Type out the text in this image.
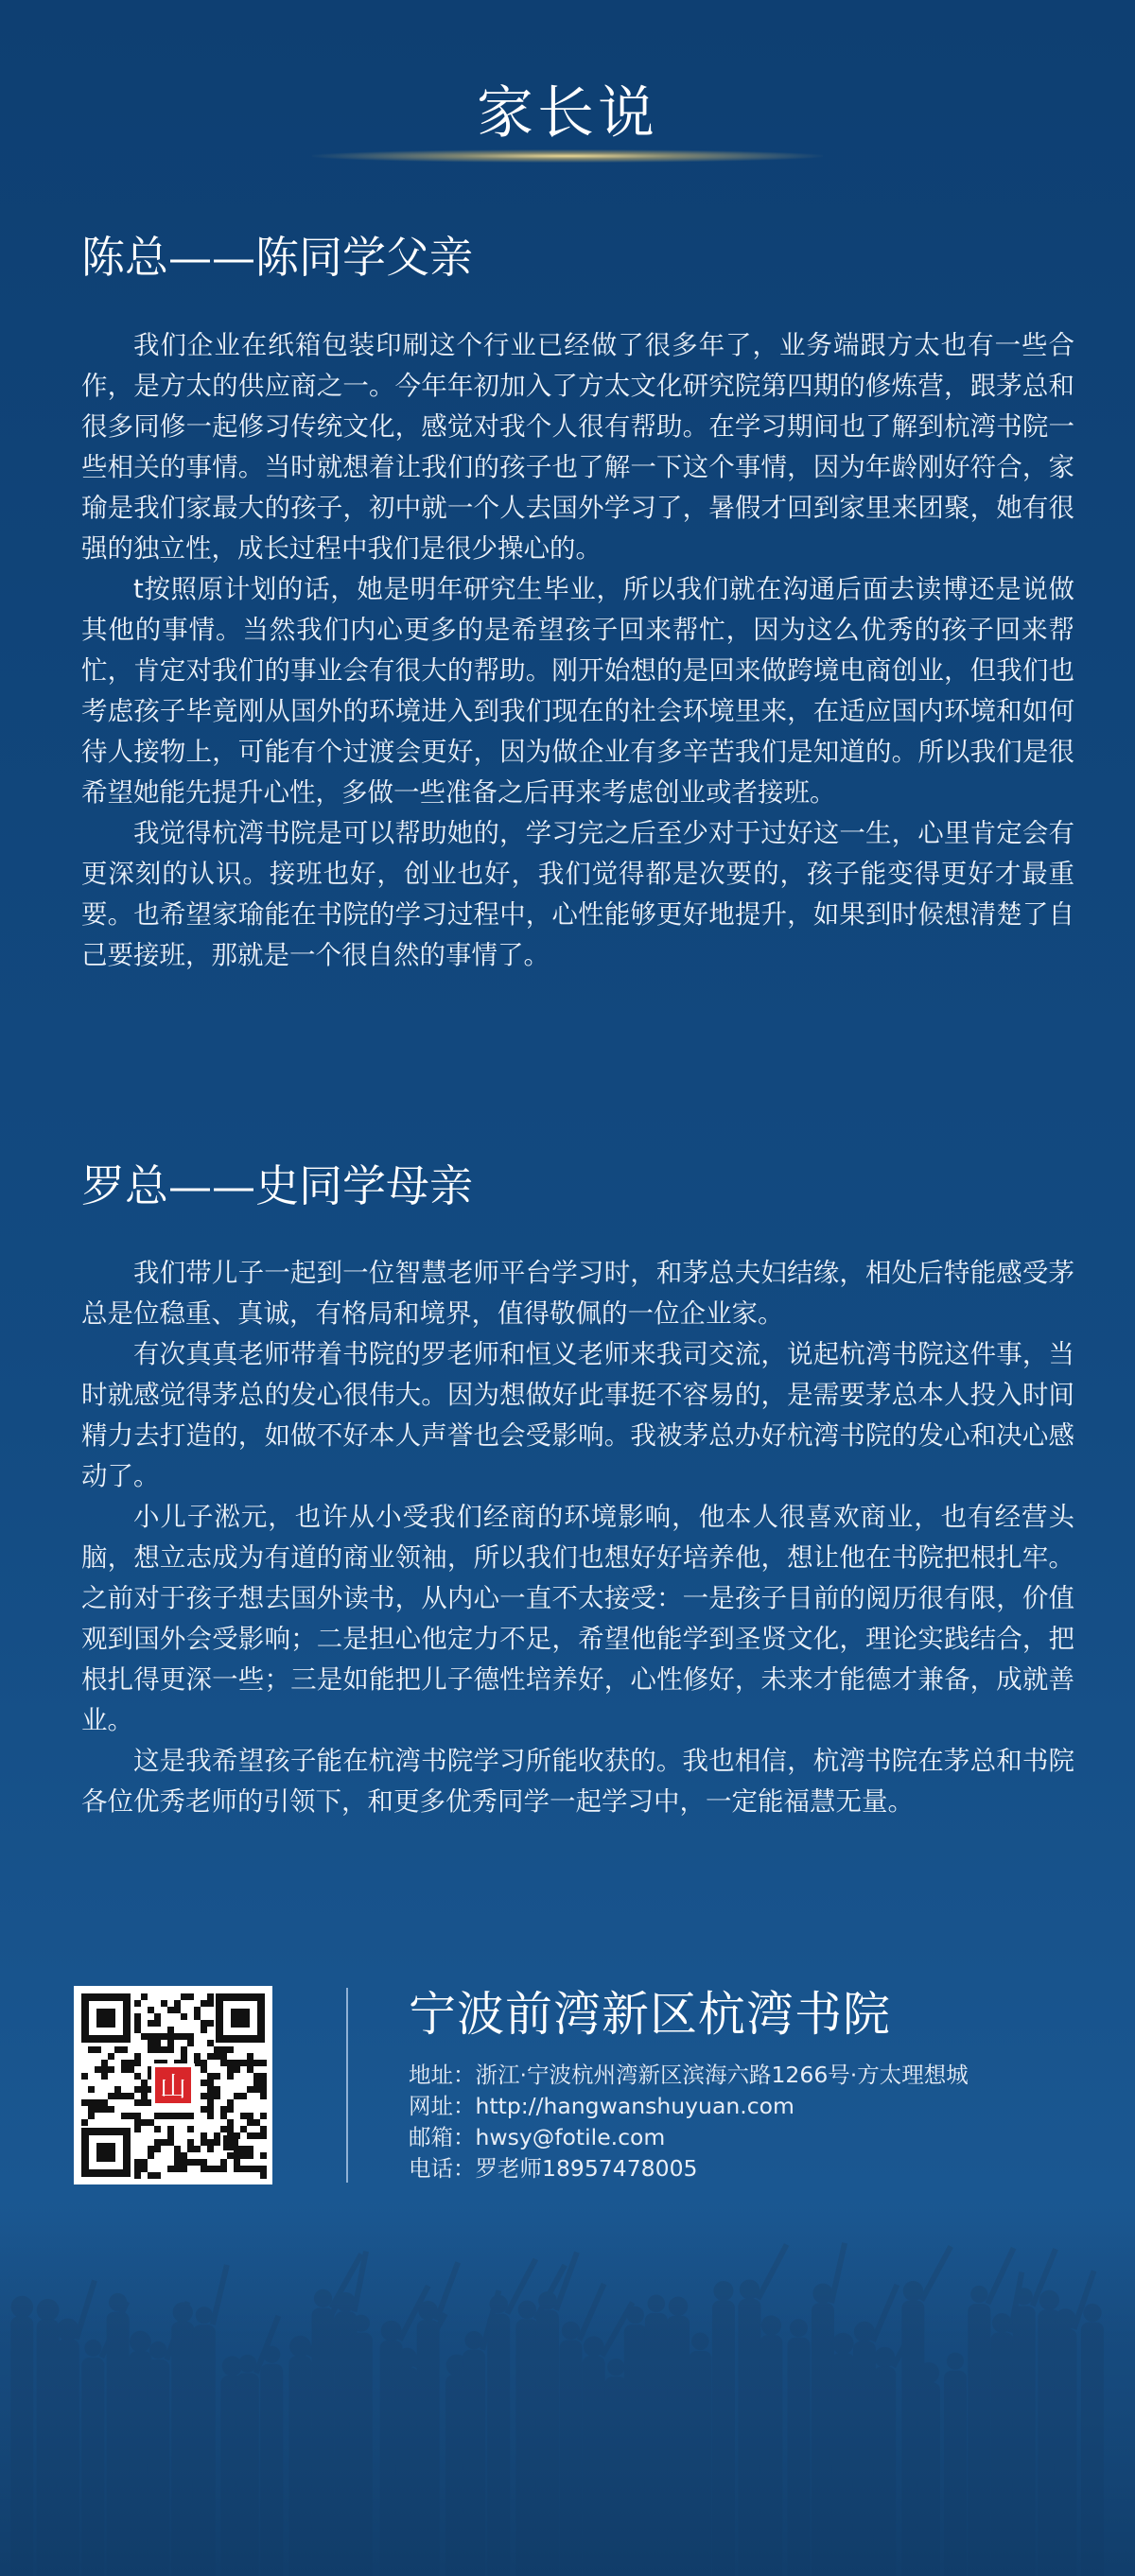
家长说
陈总——陈同学父亲

我们企业在纸箱包装印刷这个行业已经做了很多年了，业务端跟方太也有一些合作，是方太的供应商之一。今年年初加入了方太文化研究院第四期的修炼营，跟茅总和很多同修一起修习传统文化，感觉对我个人很有帮助。在学习期间也了解到杭湾书院一些相关的事情。当时就想着让我们的孩子也了解一下这个事情，因为年龄刚好符合，家瑜是我们家最大的孩子，初中就一个人去国外学习了，暑假才回到家里来团聚，她有很强的独立性，成长过程中我们是很少操心的。

t按照原计划的话，她是明年研究生毕业，所以我们就在沟通后面去读博还是说做其他的事情。当然我们内心更多的是希望孩子回来帮忙，因为这么优秀的孩子回来帮忙，肯定对我们的事业会有很大的帮助。刚开始想的是回来做跨境电商创业，但我们也考虑孩子毕竟刚从国外的环境进入到我们现在的社会环境里来，在适应国内环境和如何待人接物上，可能有个过渡会更好，因为做企业有多辛苦我们是知道的。所以我们是很希望她能先提升心性，多做一些准备之后再来考虑创业或者接班。

我觉得杭湾书院是可以帮助她的，学习完之后至少对于过好这一生，心里肯定会有更深刻的认识。接班也好，创业也好，我们觉得都是次要的，孩子能变得更好才最重要。也希望家瑜能在书院的学习过程中，心性能够更好地提升，如果到时候想清楚了自己要接班，那就是一个很自然的事情了。

罗总——史同学母亲

我们带儿子一起到一位智慧老师平台学习时，和茅总夫妇结缘，相处后特能感受茅总是位稳重、真诚，有格局和境界，值得敬佩的一位企业家。

有次真真老师带着书院的罗老师和恒义老师来我司交流，说起杭湾书院这件事，当时就感觉得茅总的发心很伟大。因为想做好此事挺不容易的，是需要茅总本人投入时间精力去打造的，如做不好本人声誉也会受影响。我被茅总办好杭湾书院的发心和决心感动了。

小儿子淞元，也许从小受我们经商的环境影响，他本人很喜欢商业，也有经营头脑，想立志成为有道的商业领袖，所以我们也想好好培养他，想让他在书院把根扎牢。之前对于孩子想去国外读书，从内心一直不太接受：一是孩子目前的阅历很有限，价值观到国外会受影响；二是担心他定力不足，希望他能学到圣贤文化，理论实践结合，把根扎得更深一些；三是如能把儿子德性培养好，心性修好，未来才能德才兼备，成就善业。

这是我希望孩子能在杭湾书院学习所能收获的。我也相信，杭湾书院在茅总和书院各位优秀老师的引领下，和更多优秀同学一起学习中，一定能福慧无量。

山
宁波前湾新区杭湾书院
地址：浙江·宁波杭州湾新区滨海六路1266号·方太理想城
网址：http://hangwanshuyuan.com
邮箱：hwsy@fotile.com
电话：罗老师18957478005
